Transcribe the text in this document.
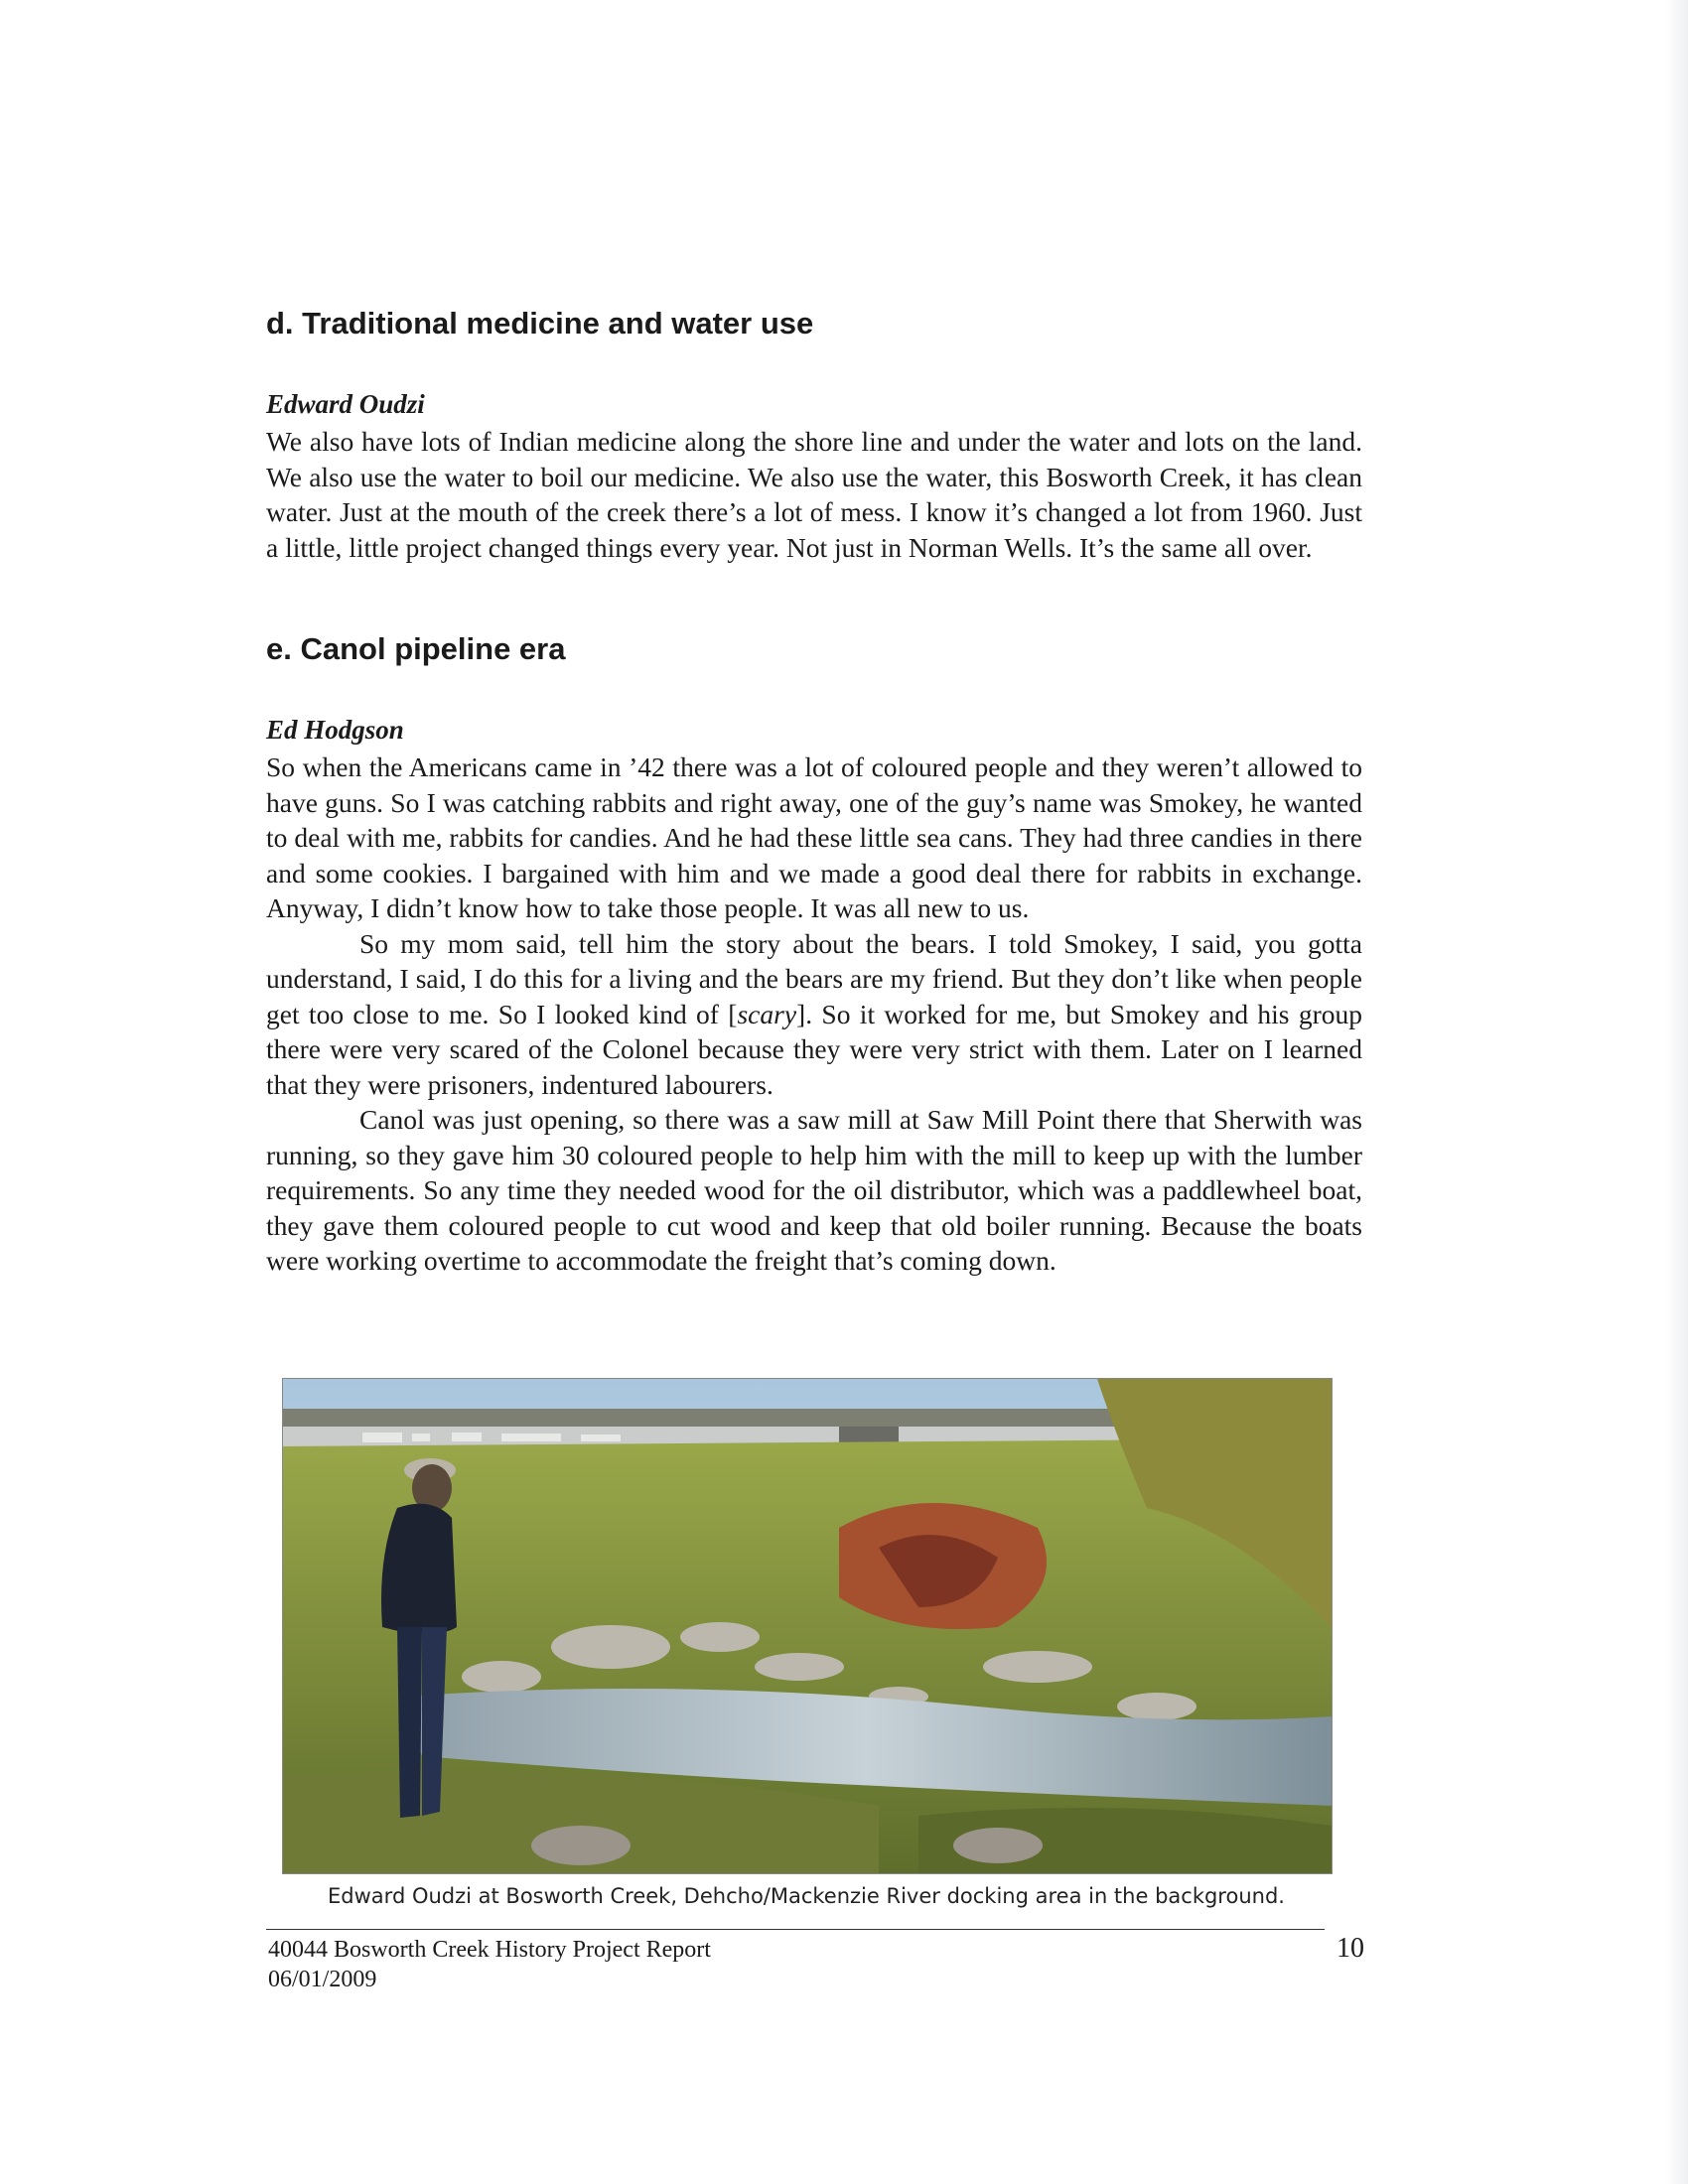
d. Traditional medicine and water use
Edward Oudzi

We also have lots of Indian medicine along the shore line and under the water and lots on the land. We also use the water to boil our medicine. We also use the water, this Bosworth Creek, it has clean water. Just at the mouth of the creek there’s a lot of mess. I know it’s changed a lot from 1960. Just a little, little project changed things every year. Not just in Norman Wells. It’s the same all over.

e. Canol pipeline era
Ed Hodgson

So when the Americans came in ’42 there was a lot of coloured people and they weren’t allowed to have guns. So I was catching rabbits and right away, one of the guy’s name was Smokey, he wanted to deal with me, rabbits for candies. And he had these little sea cans. They had three candies in there and some cookies. I bargained with him and we made a good deal there for rabbits in exchange. Anyway, I didn’t know how to take those people. It was all new to us.

So my mom said, tell him the story about the bears. I told Smokey, I said, you gotta understand, I said, I do this for a living and the bears are my friend. But they don’t like when people get too close to me. So I looked kind of [scary]. So it worked for me, but Smokey and his group there were very scared of the Colonel because they were very strict with them. Later on I learned that they were prisoners, indentured labourers.

Canol was just opening, so there was a saw mill at Saw Mill Point there that Sherwith was running, so they gave him 30 coloured people to help him with the mill to keep up with the lumber requirements. So any time they needed wood for the oil distributor, which was a paddlewheel boat, they gave them coloured people to cut wood and keep that old boiler running. Because the boats were working overtime to accommodate the freight that’s coming down.

Edward Oudzi at Bosworth Creek, Dehcho/Mackenzie River docking area in the background.
40044 Bosworth Creek History Project Report
06/01/2009
10
